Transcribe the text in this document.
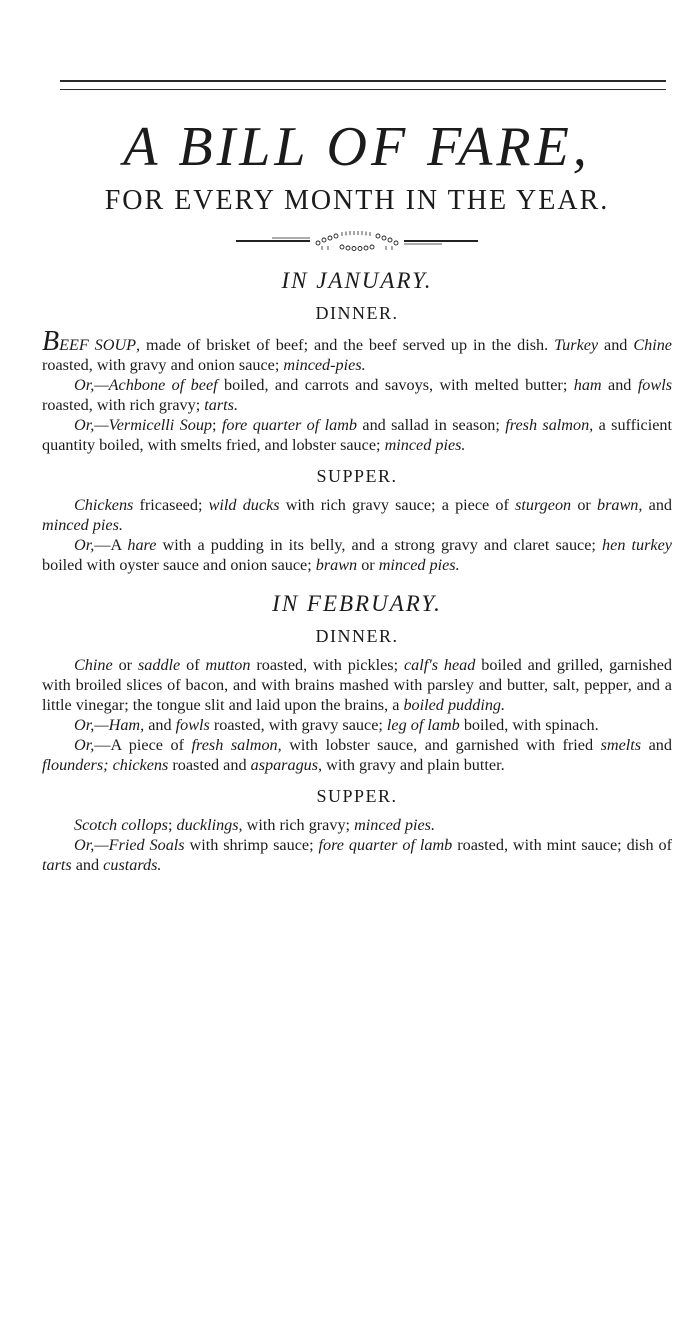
A BILL OF FARE,
FOR EVERY MONTH IN THE YEAR.
IN JANUARY.
DINNER.

BEEF SOUP, made of brisket of beef; and the beef served up in the dish. Turkey and Chine roasted, with gravy and onion sauce; minced-pies.

Or,—Achbone of beef boiled, and carrots and savoys, with melted butter; ham and fowls roasted, with rich gravy; tarts.

Or,—Vermicelli Soup; fore quarter of lamb and sallad in season; fresh salmon, a sufficient quantity boiled, with smelts fried, and lobster sauce; minced pies.

SUPPER.

Chickens fricaseed; wild ducks with rich gravy sauce; a piece of sturgeon or brawn, and minced pies.

Or,—A hare with a pudding in its belly, and a strong gravy and claret sauce; hen turkey boiled with oyster sauce and onion sauce; brawn or minced pies.

IN FEBRUARY.
DINNER.

Chine or saddle of mutton roasted, with pickles; calf's head boiled and grilled, garnished with broiled slices of bacon, and with brains mashed with parsley and butter, salt, pepper, and a little vinegar; the tongue slit and laid upon the brains, a boiled pudding.

Or,—Ham, and fowls roasted, with gravy sauce; leg of lamb boiled, with spinach.

Or,—A piece of fresh salmon, with lobster sauce, and garnished with fried smelts and flounders; chickens roasted and asparagus, with gravy and plain butter.

SUPPER.

Scotch collops; ducklings, with rich gravy; minced pies.

Or,—Fried Soals with shrimp sauce; fore quarter of lamb roasted, with mint sauce; dish of tarts and custards.
